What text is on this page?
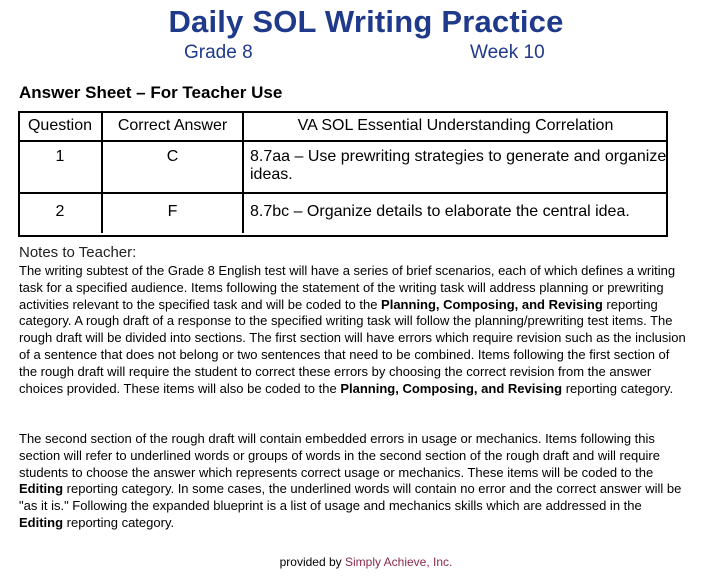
Daily SOL Writing Practice
Grade 8	Week 10
Answer Sheet – For Teacher Use
Question	Correct Answer	VA SOL Essential Understanding Correlation
1	C	8.7aa – Use prewriting strategies to generate and organize ideas.
2	F	8.7bc – Organize details to elaborate the central idea.
Notes to Teacher:
The writing subtest of the Grade 8 English test will have a series of brief scenarios, each of which defines a writing task for a specified audience. Items following the statement of the writing task will address planning or prewriting activities relevant to the specified task and will be coded to the Planning, Composing, and Revising reporting category. A rough draft of a response to the specified writing task will follow the planning/prewriting test items. The rough draft will be divided into sections. The first section will have errors which require revision such as the inclusion of a sentence that does not belong or two sentences that need to be combined. Items following the first section of the rough draft will require the student to correct these errors by choosing the correct revision from the answer choices provided. These items will also be coded to the Planning, Composing, and Revising reporting category.
The second section of the rough draft will contain embedded errors in usage or mechanics. Items following this section will refer to underlined words or groups of words in the second section of the rough draft and will require students to choose the answer which represents correct usage or mechanics. These items will be coded to the Editing reporting category. In some cases, the underlined words will contain no error and the correct answer will be "as it is." Following the expanded blueprint is a list of usage and mechanics skills which are addressed in the Editing reporting category.
provided by Simply Achieve, Inc.
